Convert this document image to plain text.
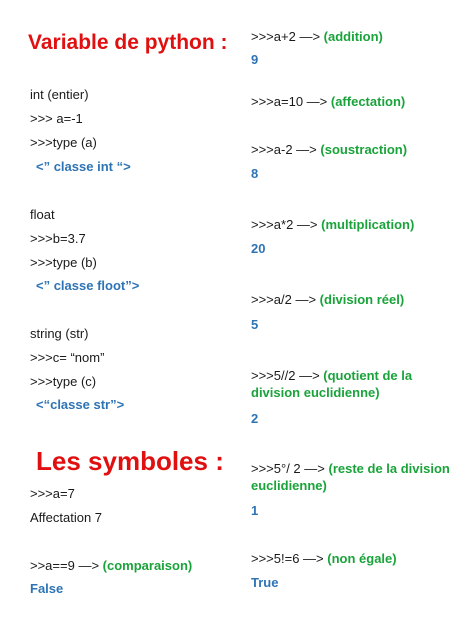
Variable de python :
int (entier)
>>> a=-1
>>>type (a)
<” classe int “>
float
>>>b=3.7
>>>type (b)
<” classe floot”>
string (str)
>>>c= “nom”
>>>type (c)
<“classe str”>
Les symboles :
>>>a=7
Affectation 7
>>a==9 —> (comparaison)
False
>>>a+2 —> (addition)
9
>>>a=10 —> (affectation)
>>>a-2 —> (soustraction)
8
>>>a*2 —> (multiplication)
20
>>>a/2 —> (division réel)
5
>>>5//2 —> (quotient de la division euclidienne)
2
>>>5°/ 2 —> (reste de la division euclidienne)
1
>>>5!=6 —> (non égale)
True
